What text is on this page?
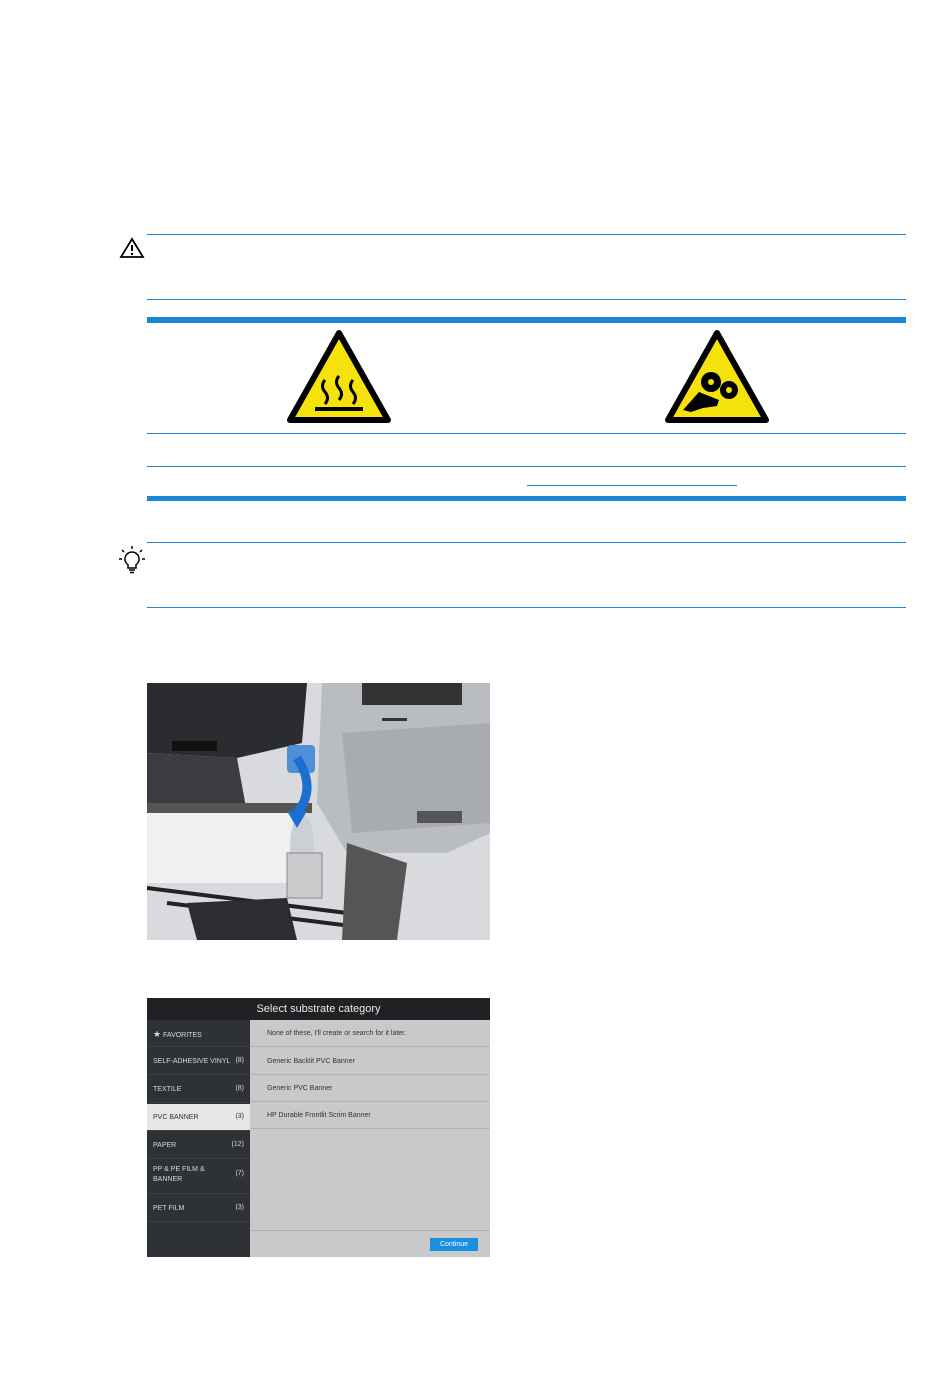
Select substrate category
★ FAVORITES
SELF-ADHESIVE VINYL (8)
TEXTILE	(8)
PVC BANNER	(3)
PAPER	(12)
PP & PE FILM & BANNER
(7)
PET FILM	(3)
None of these, I'll create or search for it later.
Generic Backlit PVC Banner
Generic PVC Banner
HP Durable Frontlit Scrim Banner
Continue
